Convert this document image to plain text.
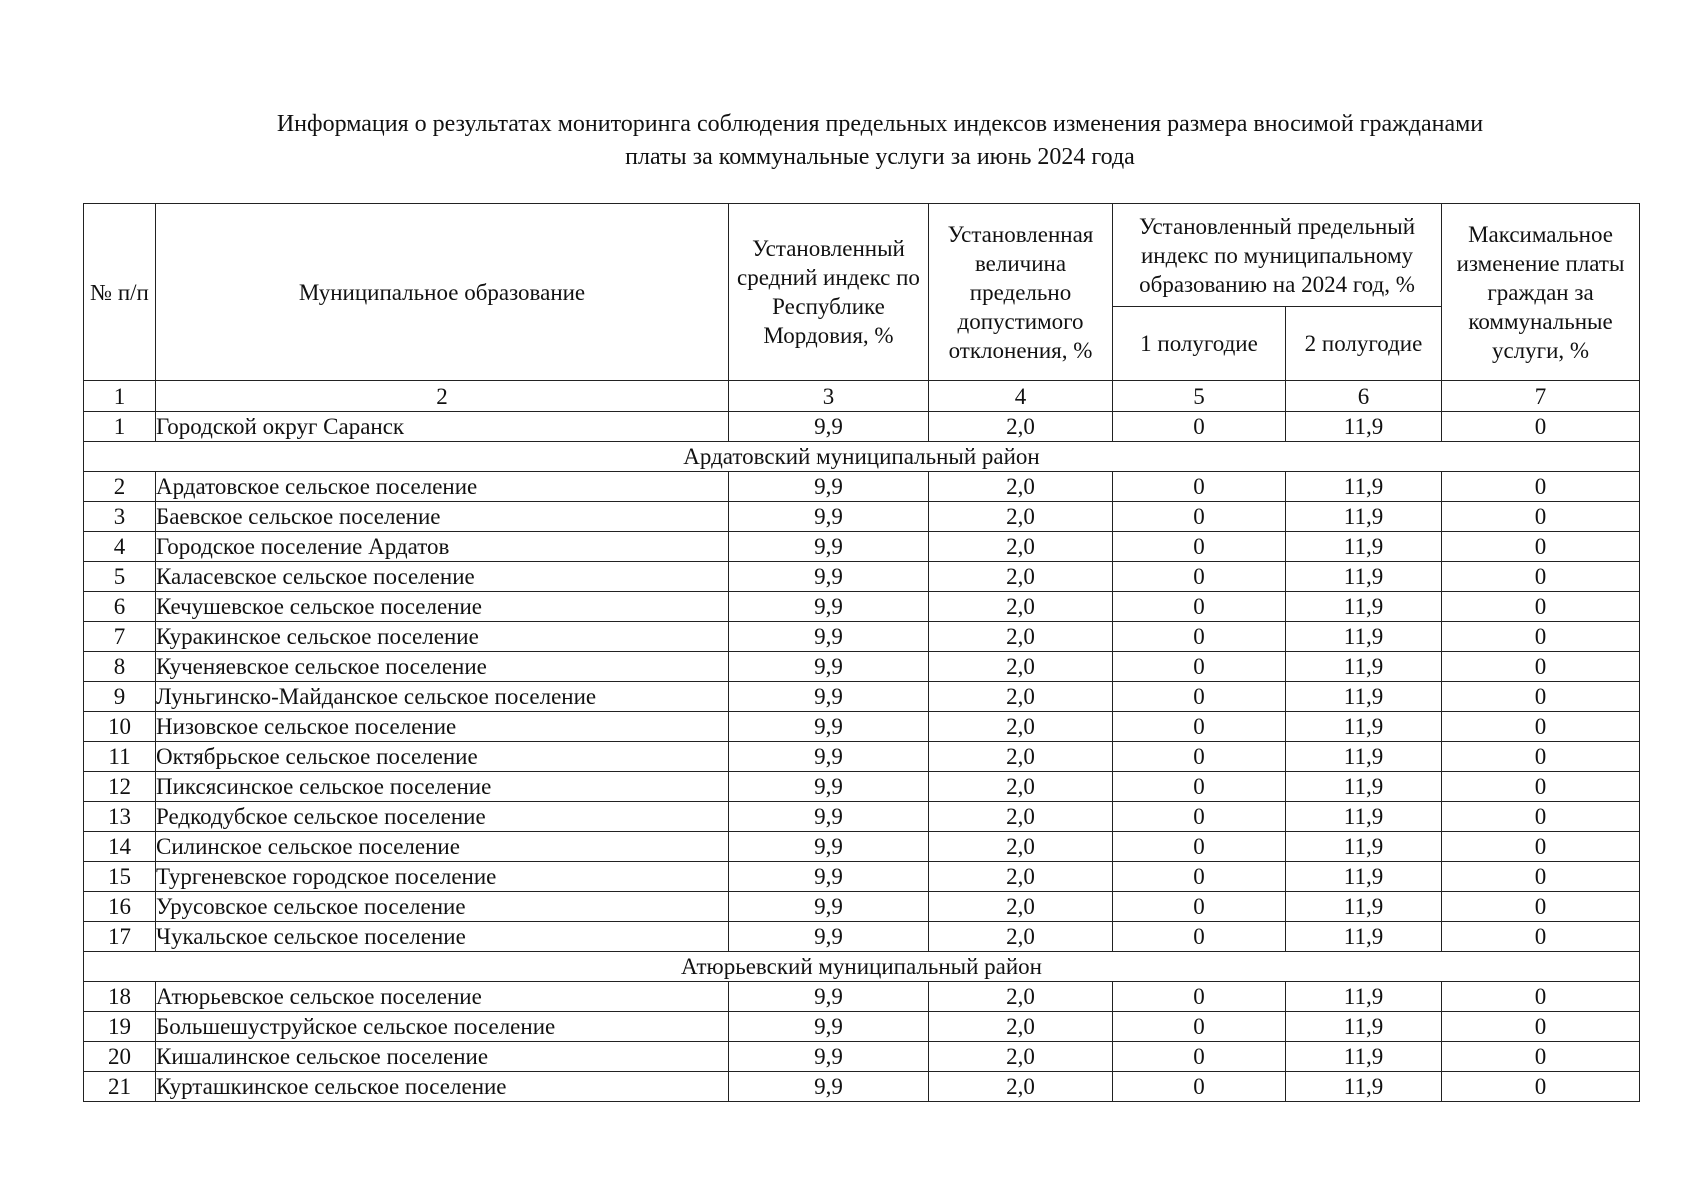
Информация о результатах мониторинга соблюдения предельных индексов изменения размера вносимой гражданами
платы за коммунальные услуги за июнь 2024 года
№ п/п	Муниципальное образование	Установленный средний индекс по Республике Мордовия, %	Установленная величина предельно допустимого отклонения, %	Установленный предельный индекс по муниципальному образованию на 2024 год, %		Максимальное изменение платы граждан за коммунальные услуги, %
				1 полугодие	2 полугодие	
1	2	3	4	5	6	7
1	Городской округ Саранск	9,9	2,0	0	11,9	0
Ардатовский муниципальный район						
2	Ардатовское сельское поселение	9,9	2,0	0	11,9	0
3	Баевское сельское поселение	9,9	2,0	0	11,9	0
4	Городское поселение Ардатов	9,9	2,0	0	11,9	0
5	Каласевское сельское поселение	9,9	2,0	0	11,9	0
6	Кечушевское сельское поселение	9,9	2,0	0	11,9	0
7	Куракинское сельское поселение	9,9	2,0	0	11,9	0
8	Кученяевское сельское поселение	9,9	2,0	0	11,9	0
9	Луньгинско-Майданское сельское поселение	9,9	2,0	0	11,9	0
10	Низовское сельское поселение	9,9	2,0	0	11,9	0
11	Октябрьское сельское поселение	9,9	2,0	0	11,9	0
12	Пиксясинское сельское поселение	9,9	2,0	0	11,9	0
13	Редкодубское сельское поселение	9,9	2,0	0	11,9	0
14	Силинское сельское поселение	9,9	2,0	0	11,9	0
15	Тургеневское городское поселение	9,9	2,0	0	11,9	0
16	Урусовское сельское поселение	9,9	2,0	0	11,9	0
17	Чукальское сельское поселение	9,9	2,0	0	11,9	0
Атюрьевский муниципальный район						
18	Атюрьевское сельское поселение	9,9	2,0	0	11,9	0
19	Большешуструйское сельское поселение	9,9	2,0	0	11,9	0
20	Кишалинское сельское поселение	9,9	2,0	0	11,9	0
21	Курташкинское сельское поселение	9,9	2,0	0	11,9	0
